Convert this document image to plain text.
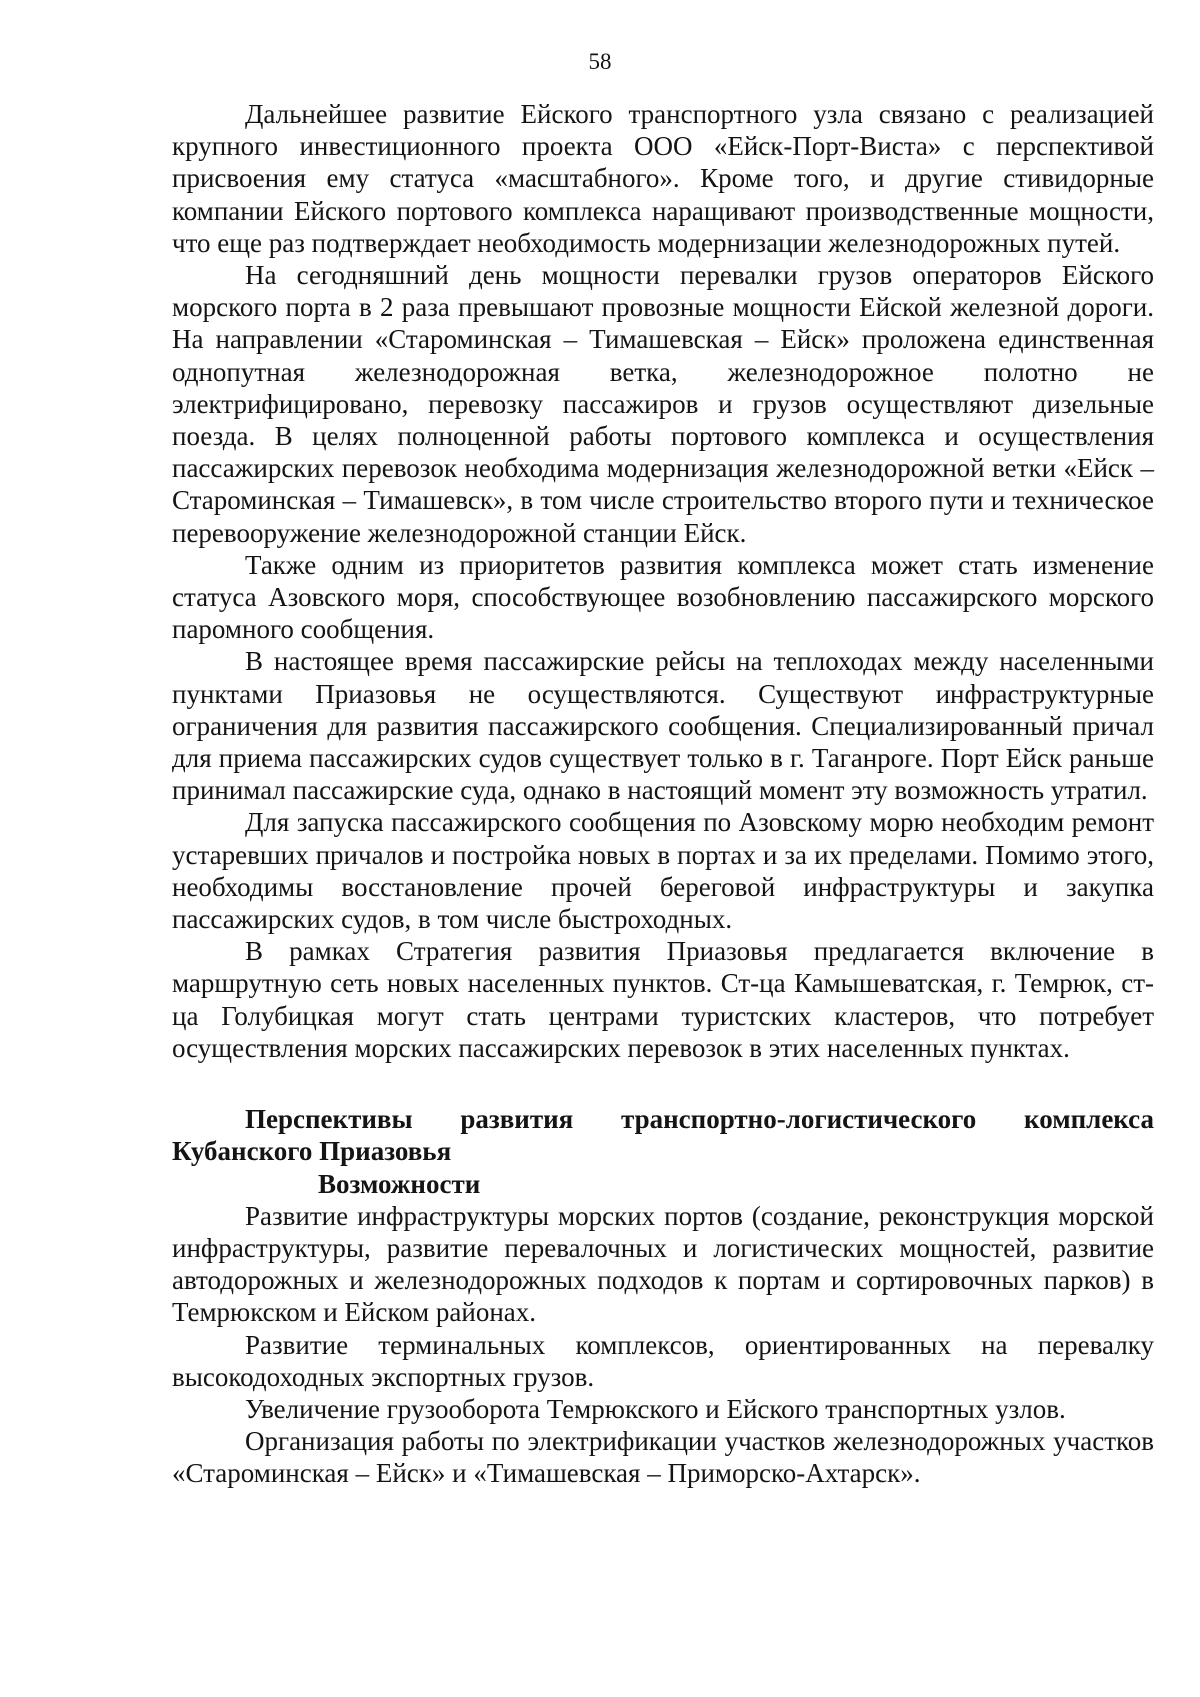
58

Дальнейшее развитие Ейского транспортного узла связано с реализацией крупного инвестиционного проекта ООО «Ейск-Порт-Виста» с перспективой присвоения ему статуса «масштабного». Кроме того, и другие стивидорные компании Ейского портового комплекса наращивают производственные мощности, что еще раз подтверждает необходимость модернизации железнодорожных путей.

На сегодняшний день мощности перевалки грузов операторов Ейского морского порта в 2 раза превышают провозные мощности Ейской железной дороги. На направлении «Староминская – Тимашевская – Ейск» проложена единственная однопутная железнодорожная ветка, железнодорожное полотно не электрифицировано, перевозку пассажиров и грузов осуществляют дизельные поезда. В целях полноценной работы портового комплекса и осуществления пассажирских перевозок необходима модернизация железнодорожной ветки «Ейск – Староминская – Тимашевск», в том числе строительство второго пути и техническое перевооружение железнодорожной станции Ейск.

Также одним из приоритетов развития комплекса может стать изменение статуса Азовского моря, способствующее возобновлению пассажирского морского паромного сообщения.

В настоящее время пассажирские рейсы на теплоходах между населенными пунктами Приазовья не осуществляются. Существуют инфраструктурные ограничения для развития пассажирского сообщения. Специализированный причал для приема пассажирских судов существует только в г. Таганроге. Порт Ейск раньше принимал пассажирские суда, однако в настоящий момент эту возможность утратил.

Для запуска пассажирского сообщения по Азовскому морю необходим ремонт устаревших причалов и постройка новых в портах и за их пределами. Помимо этого, необходимы восстановление прочей береговой инфраструктуры и закупка пассажирских судов, в том числе быстроходных.

В рамках Стратегия развития Приазовья предлагается включение в маршрутную сеть новых населенных пунктов. Ст-ца Камышеватская, г. Темрюк, ст-ца Голубицкая могут стать центрами туристских кластеров, что потребует осуществления морских пассажирских перевозок в этих населенных пунктах.

Перспективы развития транспортно-логистического комплекса Кубанского Приазовья

Возможности

Развитие инфраструктуры морских портов (создание, реконструкция морской инфраструктуры, развитие перевалочных и логистических мощностей, развитие автодорожных и железнодорожных подходов к портам и сортировочных парков) в Темрюкском и Ейском районах.

Развитие терминальных комплексов, ориентированных на перевалку высокодоходных экспортных грузов.

Увеличение грузооборота Темрюкского и Ейского транспортных узлов.

Организация работы по электрификации участков железнодорожных участков «Староминская – Ейск» и «Тимашевская – Приморско-Ахтарск».
